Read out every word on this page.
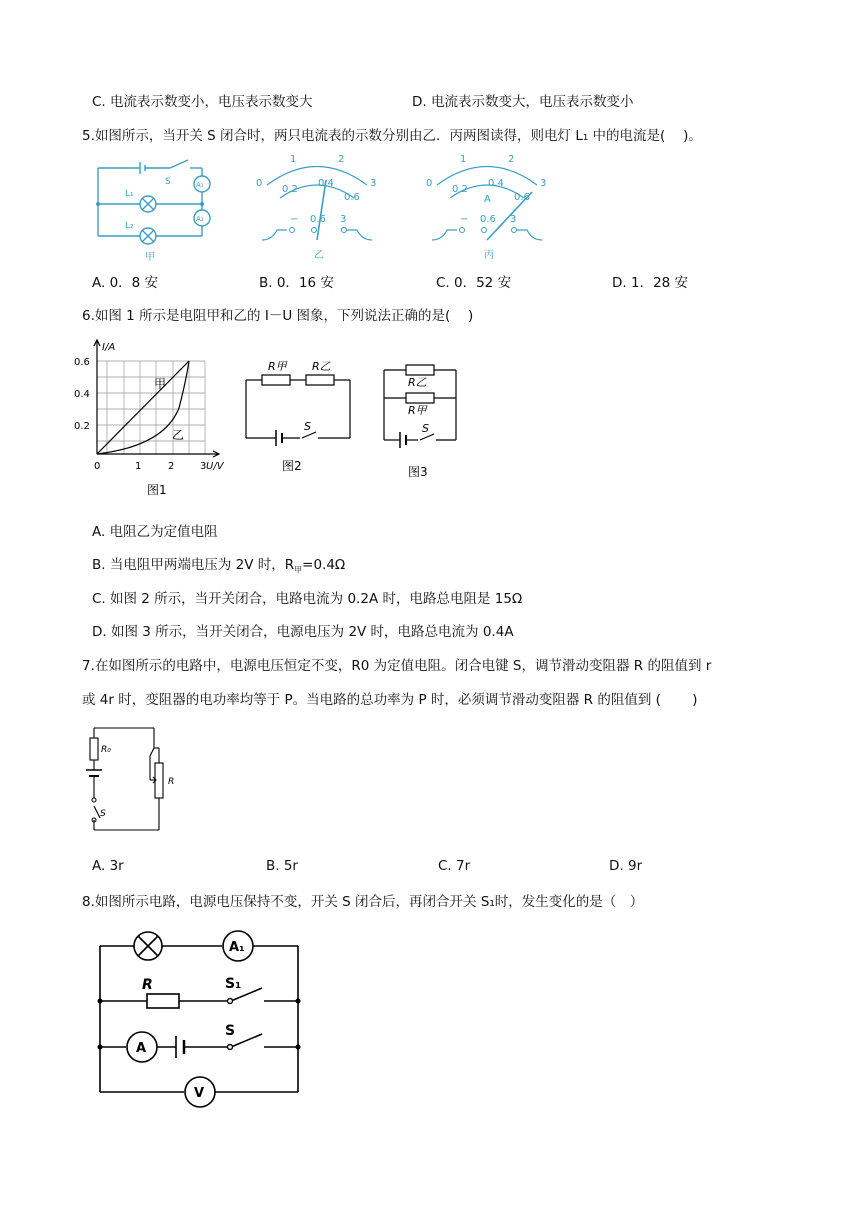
C. 电流表示数变小，电压表示数变大	D. 电流表示数变大，电压表示数变小
5.如图所示，当开关 S 闭合时，两只电流表的示数分别由乙．丙两图读得，则电灯 L₁ 中的电流是(　 )。
S	A₁
A₂
L₁
L₂
甲
0
1	2
3
0.2
0.4
0.6
− 0.6 3
乙
0
1	2
3
0.2
0.4
0.6
A
− 0.6 3
丙
A. 0．8 安	B. 0．16 安	C. 0．52 安	D. 1．28 安
6.如图 1 所示是电阻甲和乙的 I－U 图象，下列说法正确的是(　 )
I/A
U/V
0.6
0.4
0.2
0	1	2	3
甲
乙
图1
R甲 R乙
S
图2
R乙
R甲
S
图3
A. 电阻乙为定值电阻
B. 当电阻甲两端电压为 2V 时，$R_甲=0.4\Omega$
C. 如图 2 所示，当开关闭合，电路电流为 0.2A 时，电路总电阻是 15Ω
D. 如图 3 所示，当开关闭合，电源电压为 2V 时，电路总电流为 0.4A
7.在如图所示的电路中，电源电压恒定不变，R0 为定值电阻。闭合电键 S，调节滑动变阻器 R 的阻值到 r
或 4r 时，变阻器的电功率均等于 P。当电路的总功率为 P 时，必须调节滑动变阻器 R 的阻值到 (　　 )
R₀
R
S
A. 3r	B. 5r	C. 7r	D. 9r
8.如图所示电路，电源电压保持不变，开关 S 闭合后，再闭合开关 S₁时，发生变化的是（　）
A₁
R	S₁
A
S
V
